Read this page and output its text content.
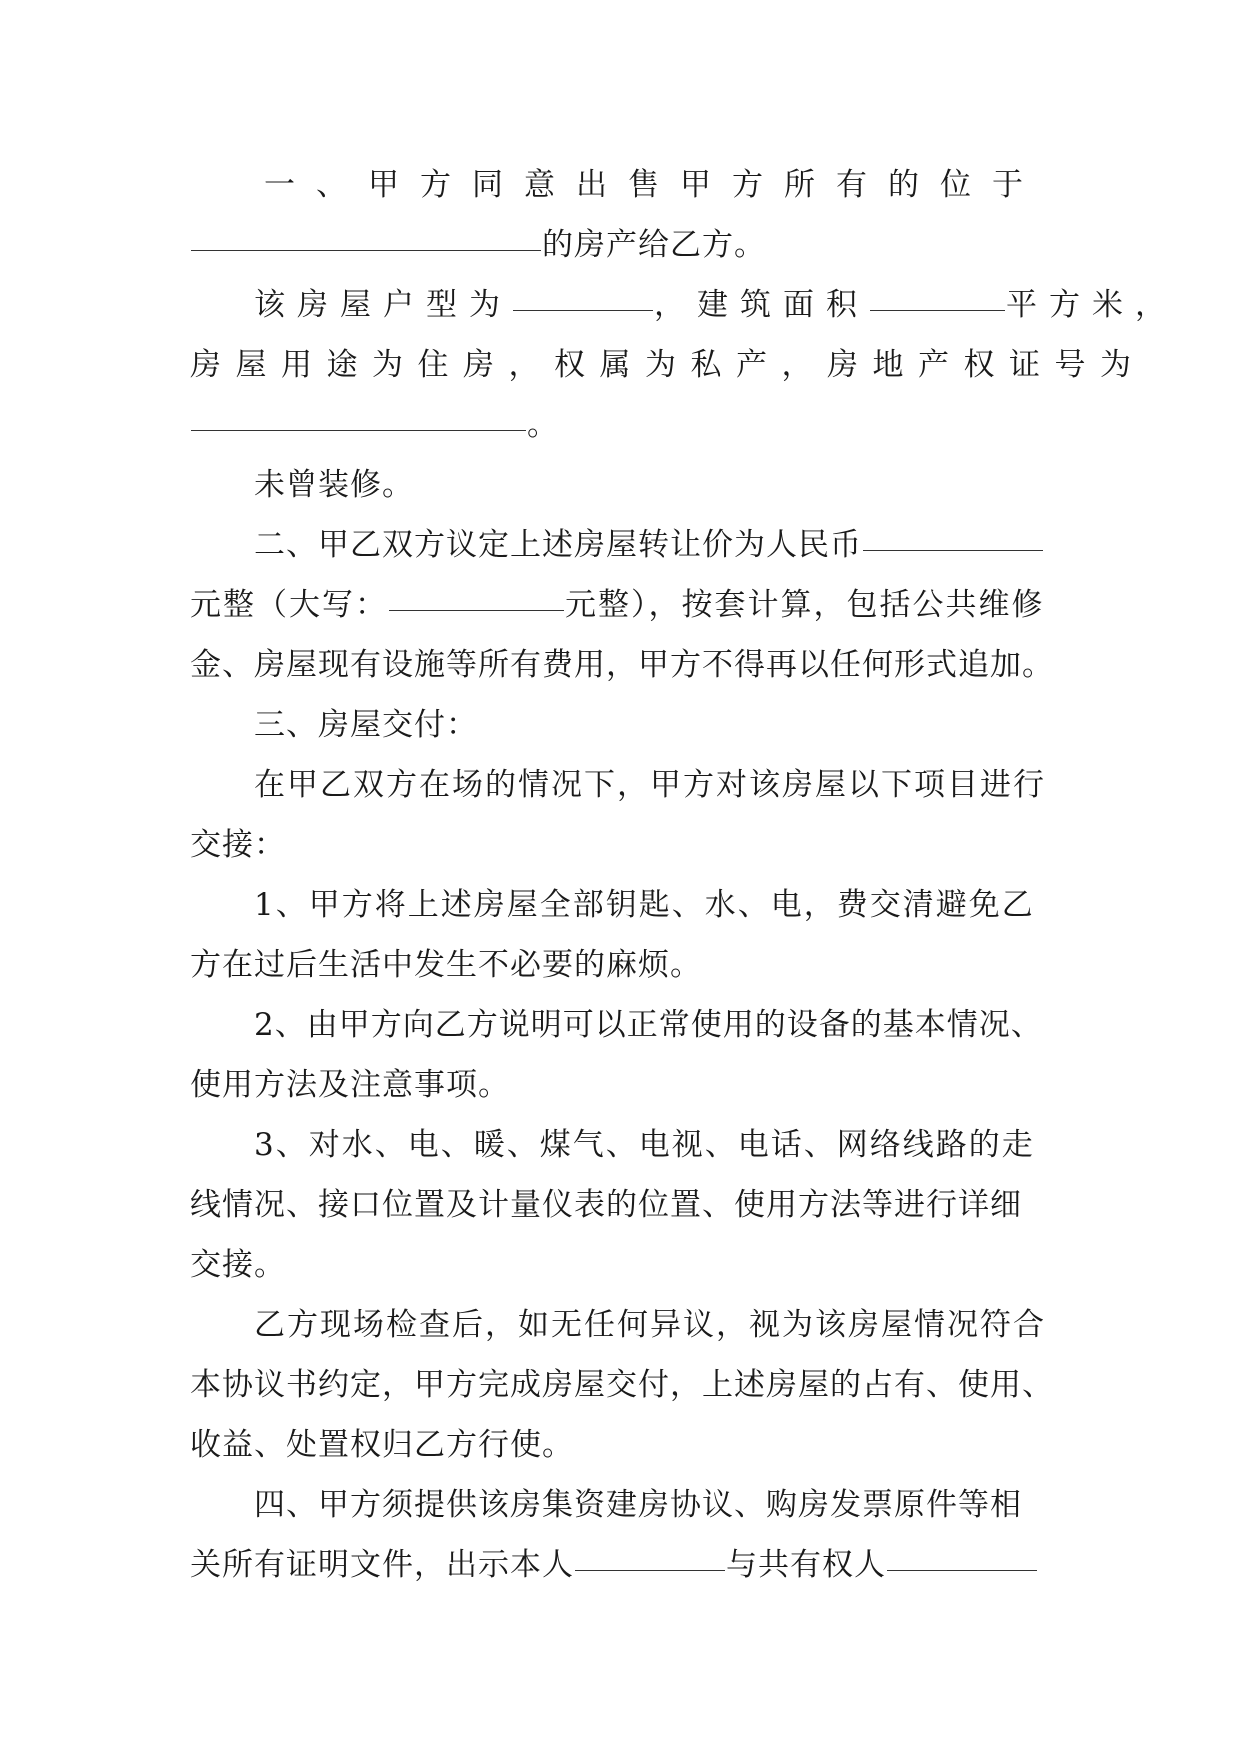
一、甲方同意出售甲方所有的位于
的房产给乙方。
该房屋户型为	，建筑面积	平方米，
房屋用途为住房，权属为私产，房地产权证号为
。
未曾装修。
二、甲乙双方议定上述房屋转让价为人民币
元整（大写：	元整），按套计算，包括公共维修
金、房屋现有设施等所有费用，甲方不得再以任何形式追加。
三、房屋交付：
在甲乙双方在场的情况下，甲方对该房屋以下项目进行
交接：
1、甲方将上述房屋全部钥匙、水、电，费交清避免乙
方在过后生活中发生不必要的麻烦。
2、由甲方向乙方说明可以正常使用的设备的基本情况、
使用方法及注意事项。
3、对水、电、暖、煤气、电视、电话、网络线路的走
线情况、接口位置及计量仪表的位置、使用方法等进行详细
交接。
乙方现场检查后，如无任何异议，视为该房屋情况符合
本协议书约定，甲方完成房屋交付，上述房屋的占有、使用、
收益、处置权归乙方行使。
四、甲方须提供该房集资建房协议、购房发票原件等相
关所有证明文件，出示本人	与共有权人
